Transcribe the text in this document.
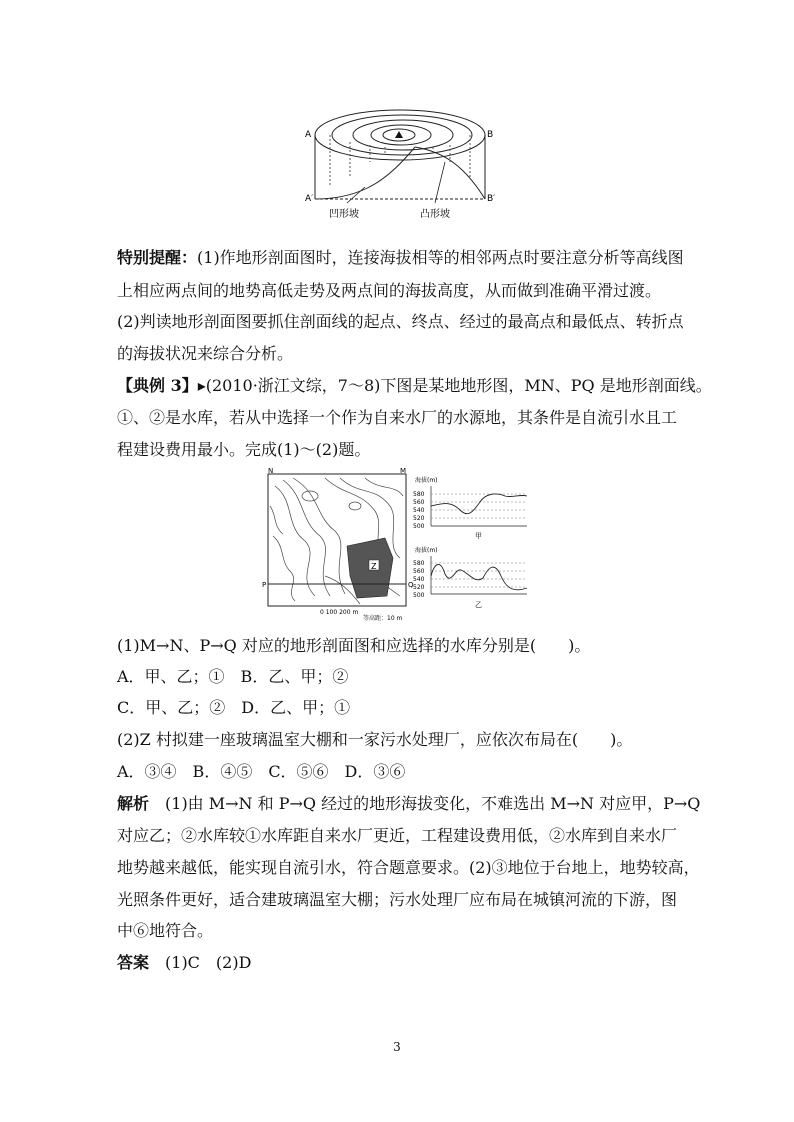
A	B
A′	B′
凹形坡	凸形坡
特别提醒：(1)作地形剖面图时，连接海拔相等的相邻两点时要注意分析等高线图
上相应两点间的地势高低走势及两点间的海拔高度，从而做到准确平滑过渡。
(2)判读地形剖面图要抓住剖面线的起点、终点、经过的最高点和最低点、转折点
的海拔状况来综合分析。
【典例 3】▸(2010·浙江文综，7～8)下图是某地地形图，MN、PQ 是地形剖面线。
①、②是水库，若从中选择一个作为自来水厂的水源地，其条件是自流引水且工
程建设费用最小。完成(1)～(2)题。
Z
N	M
P	Q
0 100 200 m
等高距：10 m
海拔(m)
580
560
540
520
500
甲
海拔(m)
580
560
540
520
500
乙
(1)M→N、P→Q 对应的地形剖面图和应选择的水库分别是(　　)。
A．甲、乙；①　B．乙、甲；②
C．甲、乙；②　D．乙、甲；①
(2)Z 村拟建一座玻璃温室大棚和一家污水处理厂，应依次布局在(　　)。
A．③④　B．④⑤　C．⑤⑥　D．③⑥
解析　(1)由 M→N 和 P→Q 经过的地形海拔变化，不难选出 M→N 对应甲，P→Q
对应乙；②水库较①水库距自来水厂更近，工程建设费用低，②水库到自来水厂
地势越来越低，能实现自流引水，符合题意要求。(2)③地位于台地上，地势较高，
光照条件更好，适合建玻璃温室大棚；污水处理厂应布局在城镇河流的下游，图
中⑥地符合。
答案　(1)C　(2)D
3
